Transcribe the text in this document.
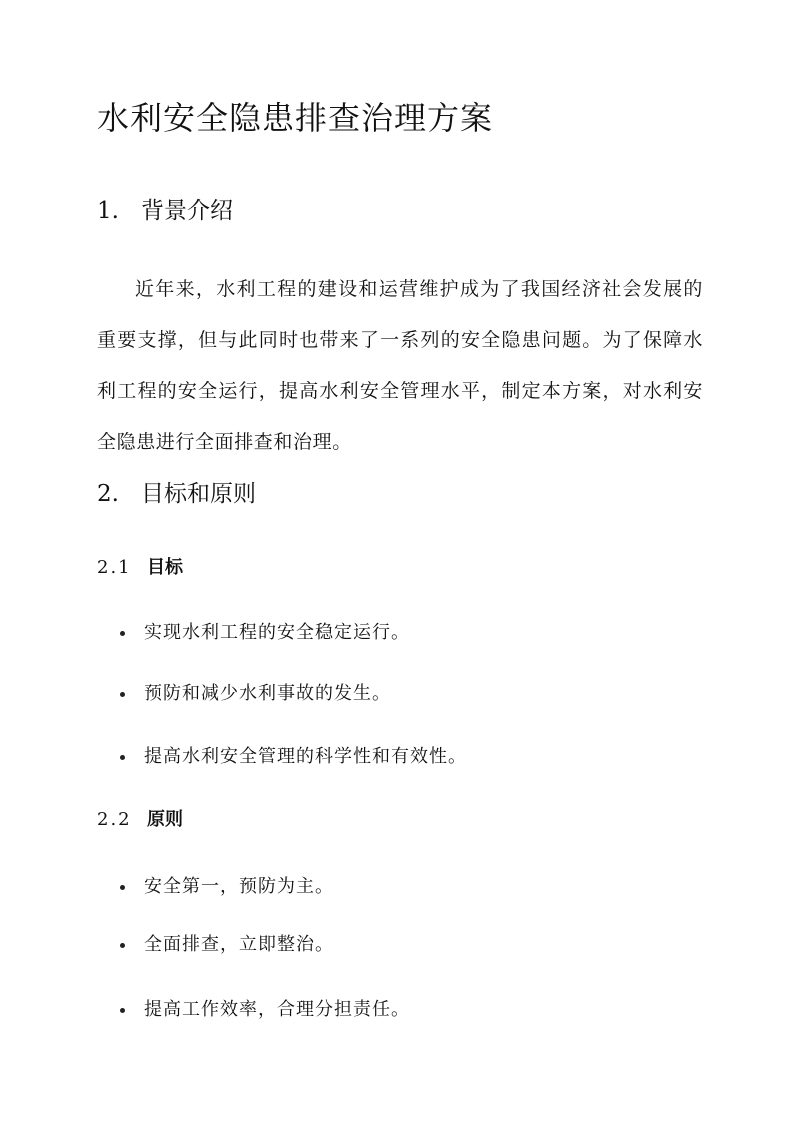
水利安全隐患排查治理方案
1. 背景介绍

近年来，水利工程的建设和运营维护成为了我国经济社会发展的重要支撑，但与此同时也带来了一系列的安全隐患问题。为了保障水利工程的安全运行，提高水利安全管理水平，制定本方案，对水利安全隐患进行全面排查和治理。

2. 目标和原则
2.1 目标
实现水利工程的安全稳定运行。
预防和减少水利事故的发生。
提高水利安全管理的科学性和有效性。
2.2 原则
安全第一，预防为主。
全面排查，立即整治。
提高工作效率，合理分担责任。
